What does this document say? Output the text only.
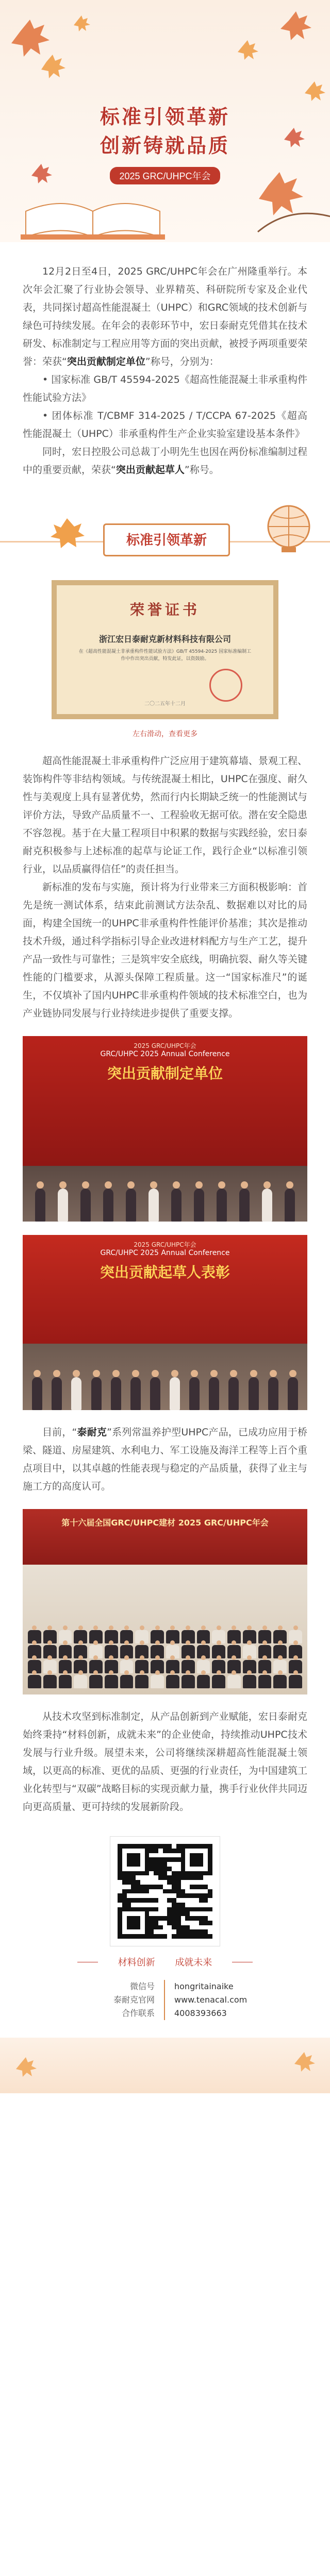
标准引领革新
创新铸就品质
2025 GRC/UHPC年会

12月2日至4日，2025 GRC/UHPC年会在广州隆重举行。本次年会汇聚了行业协会领导、业界精英、科研院所专家及企业代表，共同探讨超高性能混凝土（UHPC）和GRC领域的技术创新与绿色可持续发展。在年会的表彰环节中，宏日泰耐克凭借其在技术研发、标准制定与工程应用等方面的突出贡献，被授予两项重要荣誉：荣获“突出贡献制定单位”称号，分别为：

• 国家标准 GB/T 45594-2025《超高性能混凝土非承重构件性能试验方法》

• 团体标准 T/CBMF 314-2025 / T/CCPA 67-2025《超高性能混凝土（UHPC）非承重构件生产企业实验室建设基本条件》

同时，宏日控股公司总裁丁小明先生也因在两份标准编制过程中的重要贡献，荣获“突出贡献起草人”称号。

标准引领革新
荣誉证书
浙江宏日泰耐克新材料科技有限公司
在《超高性能混凝土非承重构件性能试验方法》GB/T 45594-2025 国家标准编制工作中作出突出贡献，特发此证，以资鼓励。
二〇二五年十二月
左右滑动，查看更多

超高性能混凝土非承重构件广泛应用于建筑幕墙、景观工程、装饰构件等非结构领域。与传统混凝土相比，UHPC在强度、耐久性与美观度上具有显著优势，然而行内长期缺乏统一的性能测试与评价方法，导致产品质量不一、工程验收无据可依。潜在安全隐患不容忽视。基于在大量工程项目中积累的数据与实践经验，宏日泰耐克积极参与上述标准的起草与论证工作，践行企业“以标准引领行业，以品质赢得信任”的责任担当。

新标准的发布与实施，预计将为行业带来三方面积极影响：首先是统一测试体系，结束此前测试方法杂乱、数据难以对比的局面，构建全国统一的UHPC非承重构件性能评价基准；其次是推动技术升级，通过科学指标引导企业改进材料配方与生产工艺，提升产品一致性与可靠性；三是筑牢安全底线，明确抗裂、耐久等关键性能的门槛要求，从源头保障工程质量。这一“国家标准尺”的诞生，不仅填补了国内UHPC非承重构件领域的技术标准空白，也为产业链协同发展与行业持续进步提供了重要支撑。

2025 GRC/UHPC年会
GRC/UHPC 2025 Annual Conference
突出贡献制定单位
2025 GRC/UHPC年会
GRC/UHPC 2025 Annual Conference
突出贡献起草人表彰

目前，“泰耐克”系列常温养护型UHPC产品，已成功应用于桥梁、隧道、房屋建筑、水利电力、军工设施及海洋工程等上百个重点项目中，以其卓越的性能表现与稳定的产品质量，获得了业主与施工方的高度认可。

第十六届全国GRC/UHPC建材 2025 GRC/UHPC年会

从技术攻坚到标准制定，从产品创新到产业赋能，宏日泰耐克始终秉持“材料创新，成就未来”的企业使命，持续推动UHPC技术发展与行业升级。展望未来，公司将继续深耕超高性能混凝土领域，以更高的标准、更优的品质、更强的行业责任，为中国建筑工业化转型与“双碳”战略目标的实现贡献力量，携手行业伙伴共同迈向更高质量、更可持续的发展新阶段。

材料创新 成就未来
微信号	hongritainaike
泰耐克官网	www.tenacal.com
合作联系	4008393663
